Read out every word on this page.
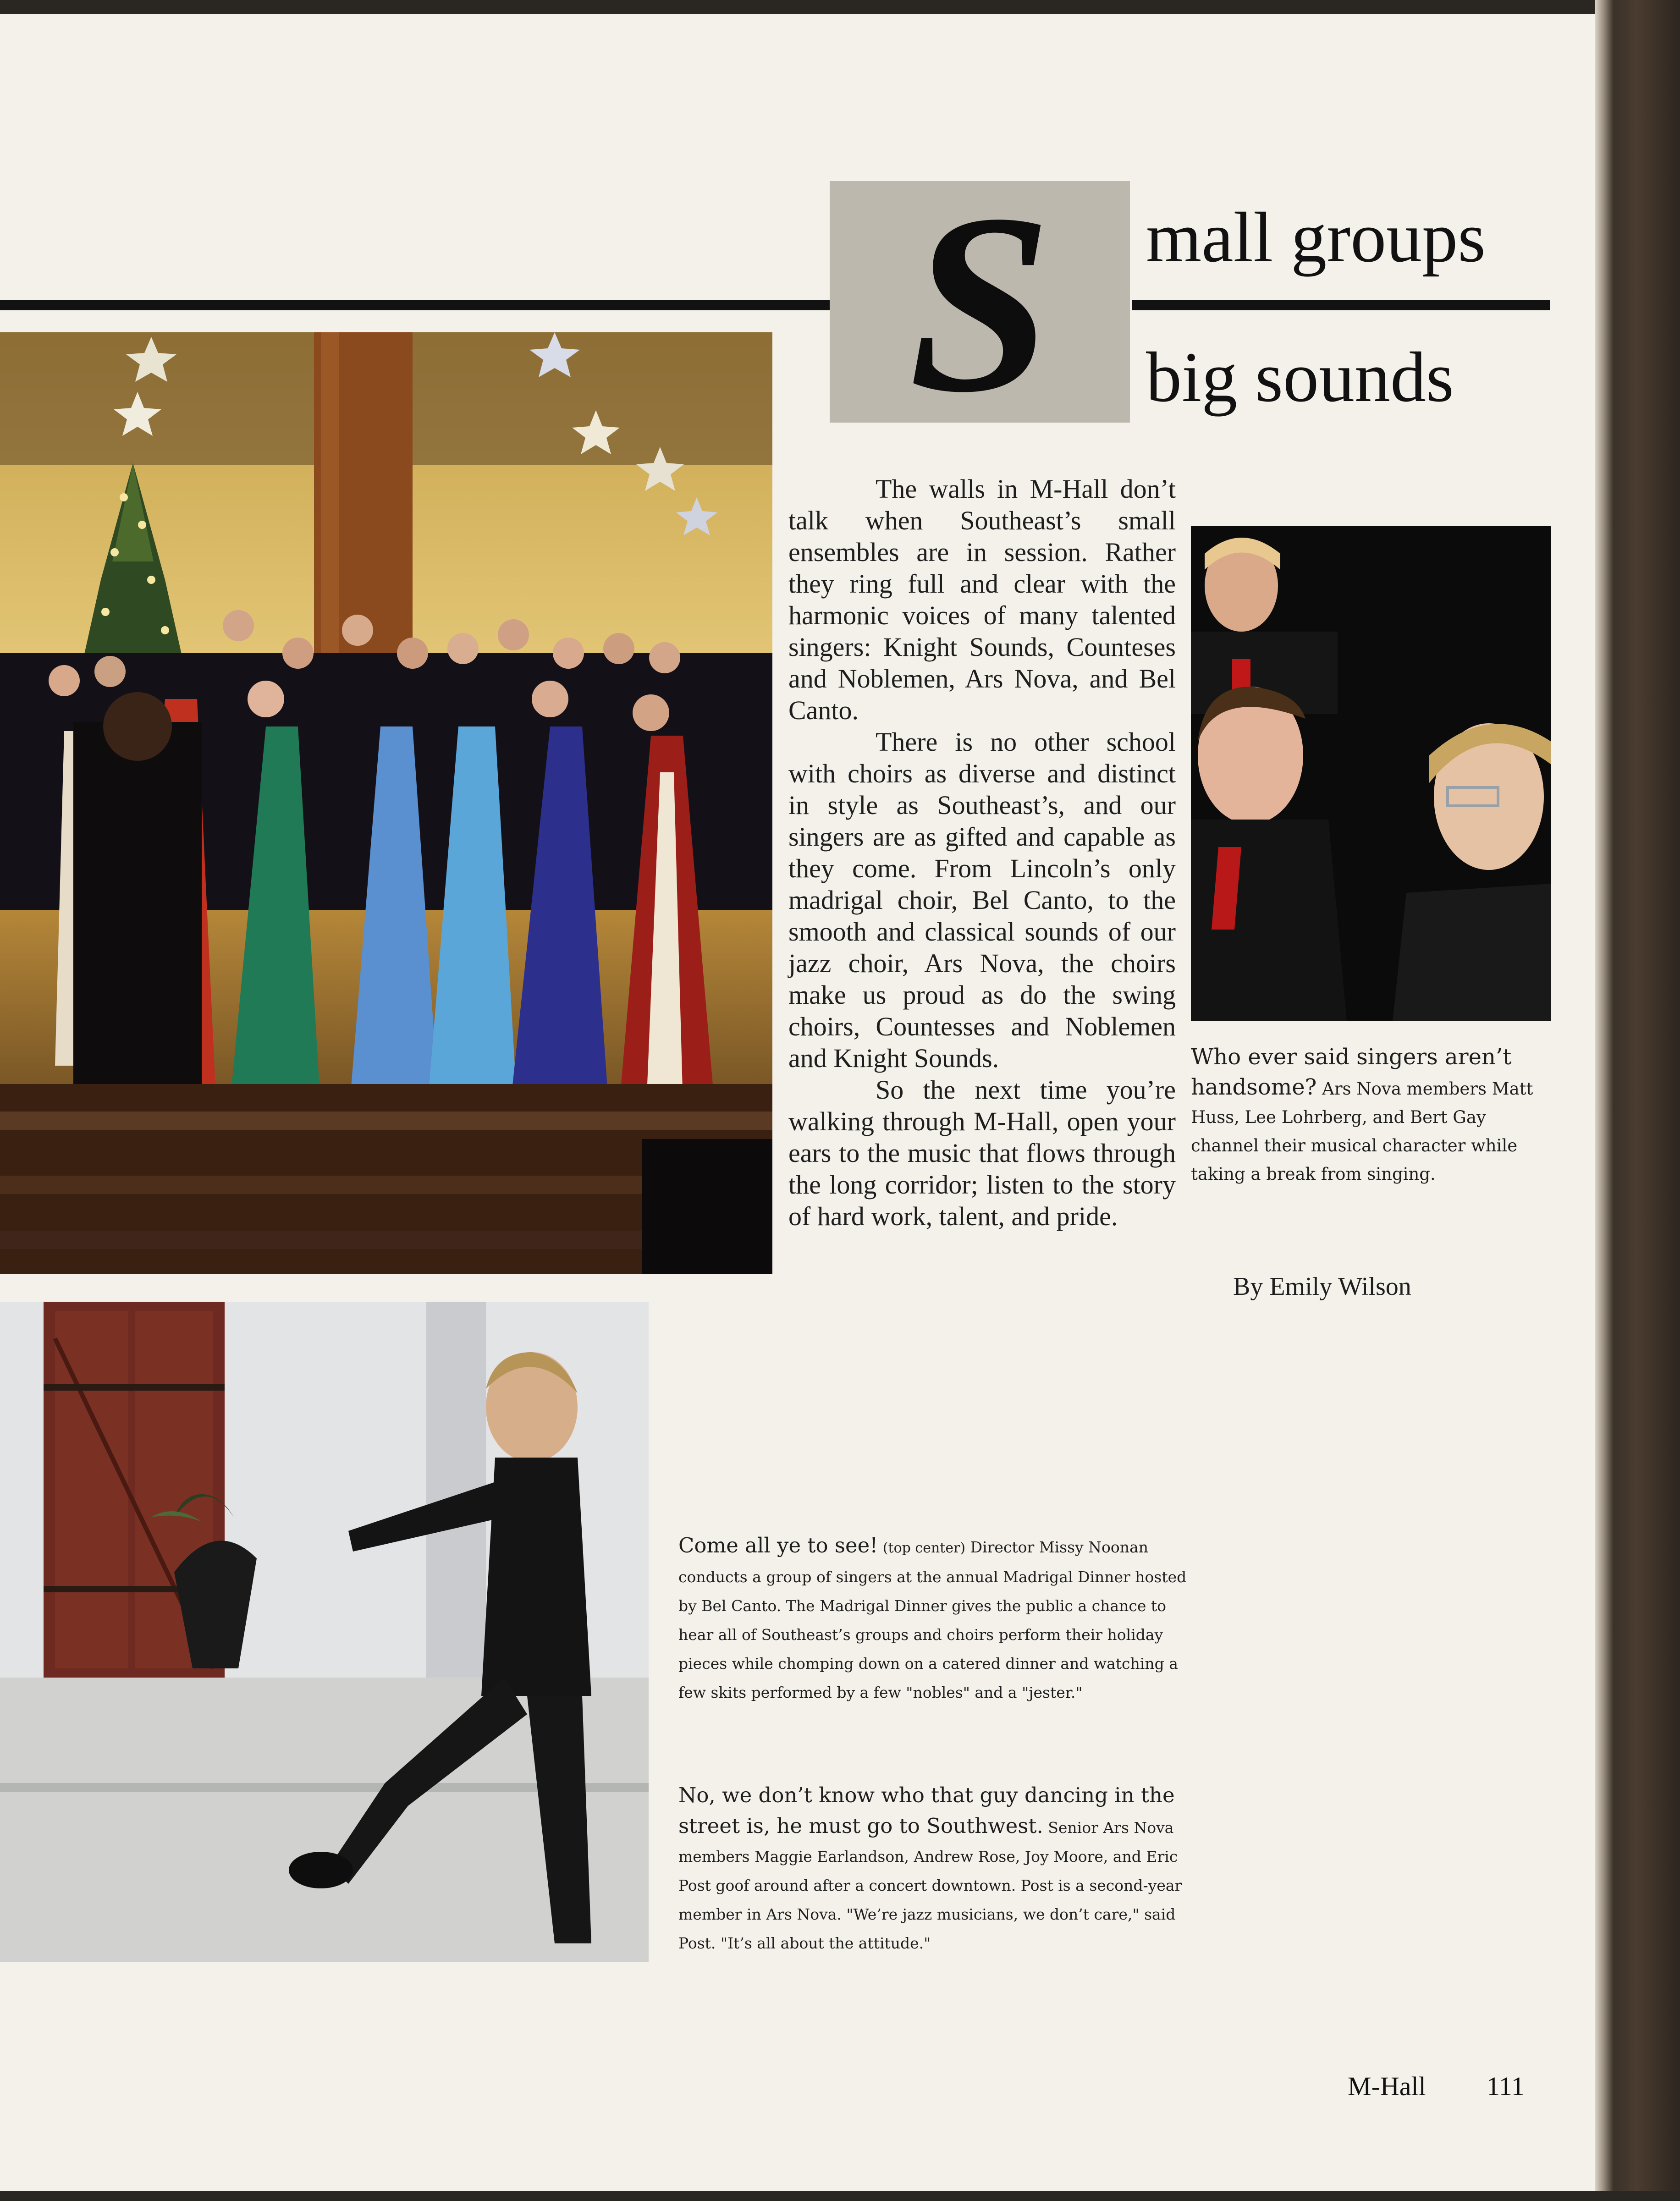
S mall groups
big sounds

The walls in M-Hall don’t talk when Southeast’s small ensembles are in session. Rather they ring full and clear with the harmonic voices of many talented singers: Knight Sounds, Counteses and Noblemen, Ars Nova, and Bel Canto.

There is no other school with choirs as diverse and distinct in style as Southeast’s, and our singers are as gifted and capable as they come. From Lincoln’s only madrigal choir, Bel Canto, to the smooth and classical sounds of our jazz choir, Ars Nova, the choirs make us proud as do the swing choirs, Countesses and Noblemen and Knight Sounds.

So the next time you’re walking through M-Hall, open your ears to the music that flows through the long corridor; listen to the story of hard work, talent, and pride.

Who ever said singers aren’t handsome? Ars Nova members Matt Huss, Lee Lohrberg, and Bert Gay channel their musical character while taking a break from singing.
By Emily Wilson
Come all ye to see! (top center) Director Missy Noonan conducts a group of singers at the annual Madrigal Dinner hosted by Bel Canto. The Madrigal Dinner gives the public a chance to hear all of Southeast’s groups and choirs perform their holiday pieces while chomping down on a catered dinner and watching a few skits performed by a few "nobles" and a "jester."
No, we don’t know who that guy dancing in the street is, he must go to Southwest. Senior Ars Nova members Maggie Earlandson, Andrew Rose, Joy Moore, and Eric Post goof around after a concert downtown. Post is a second-year member in Ars Nova. "We’re jazz musicians, we don’t care," said Post. "It’s all about the attitude."
M-Hall 111
